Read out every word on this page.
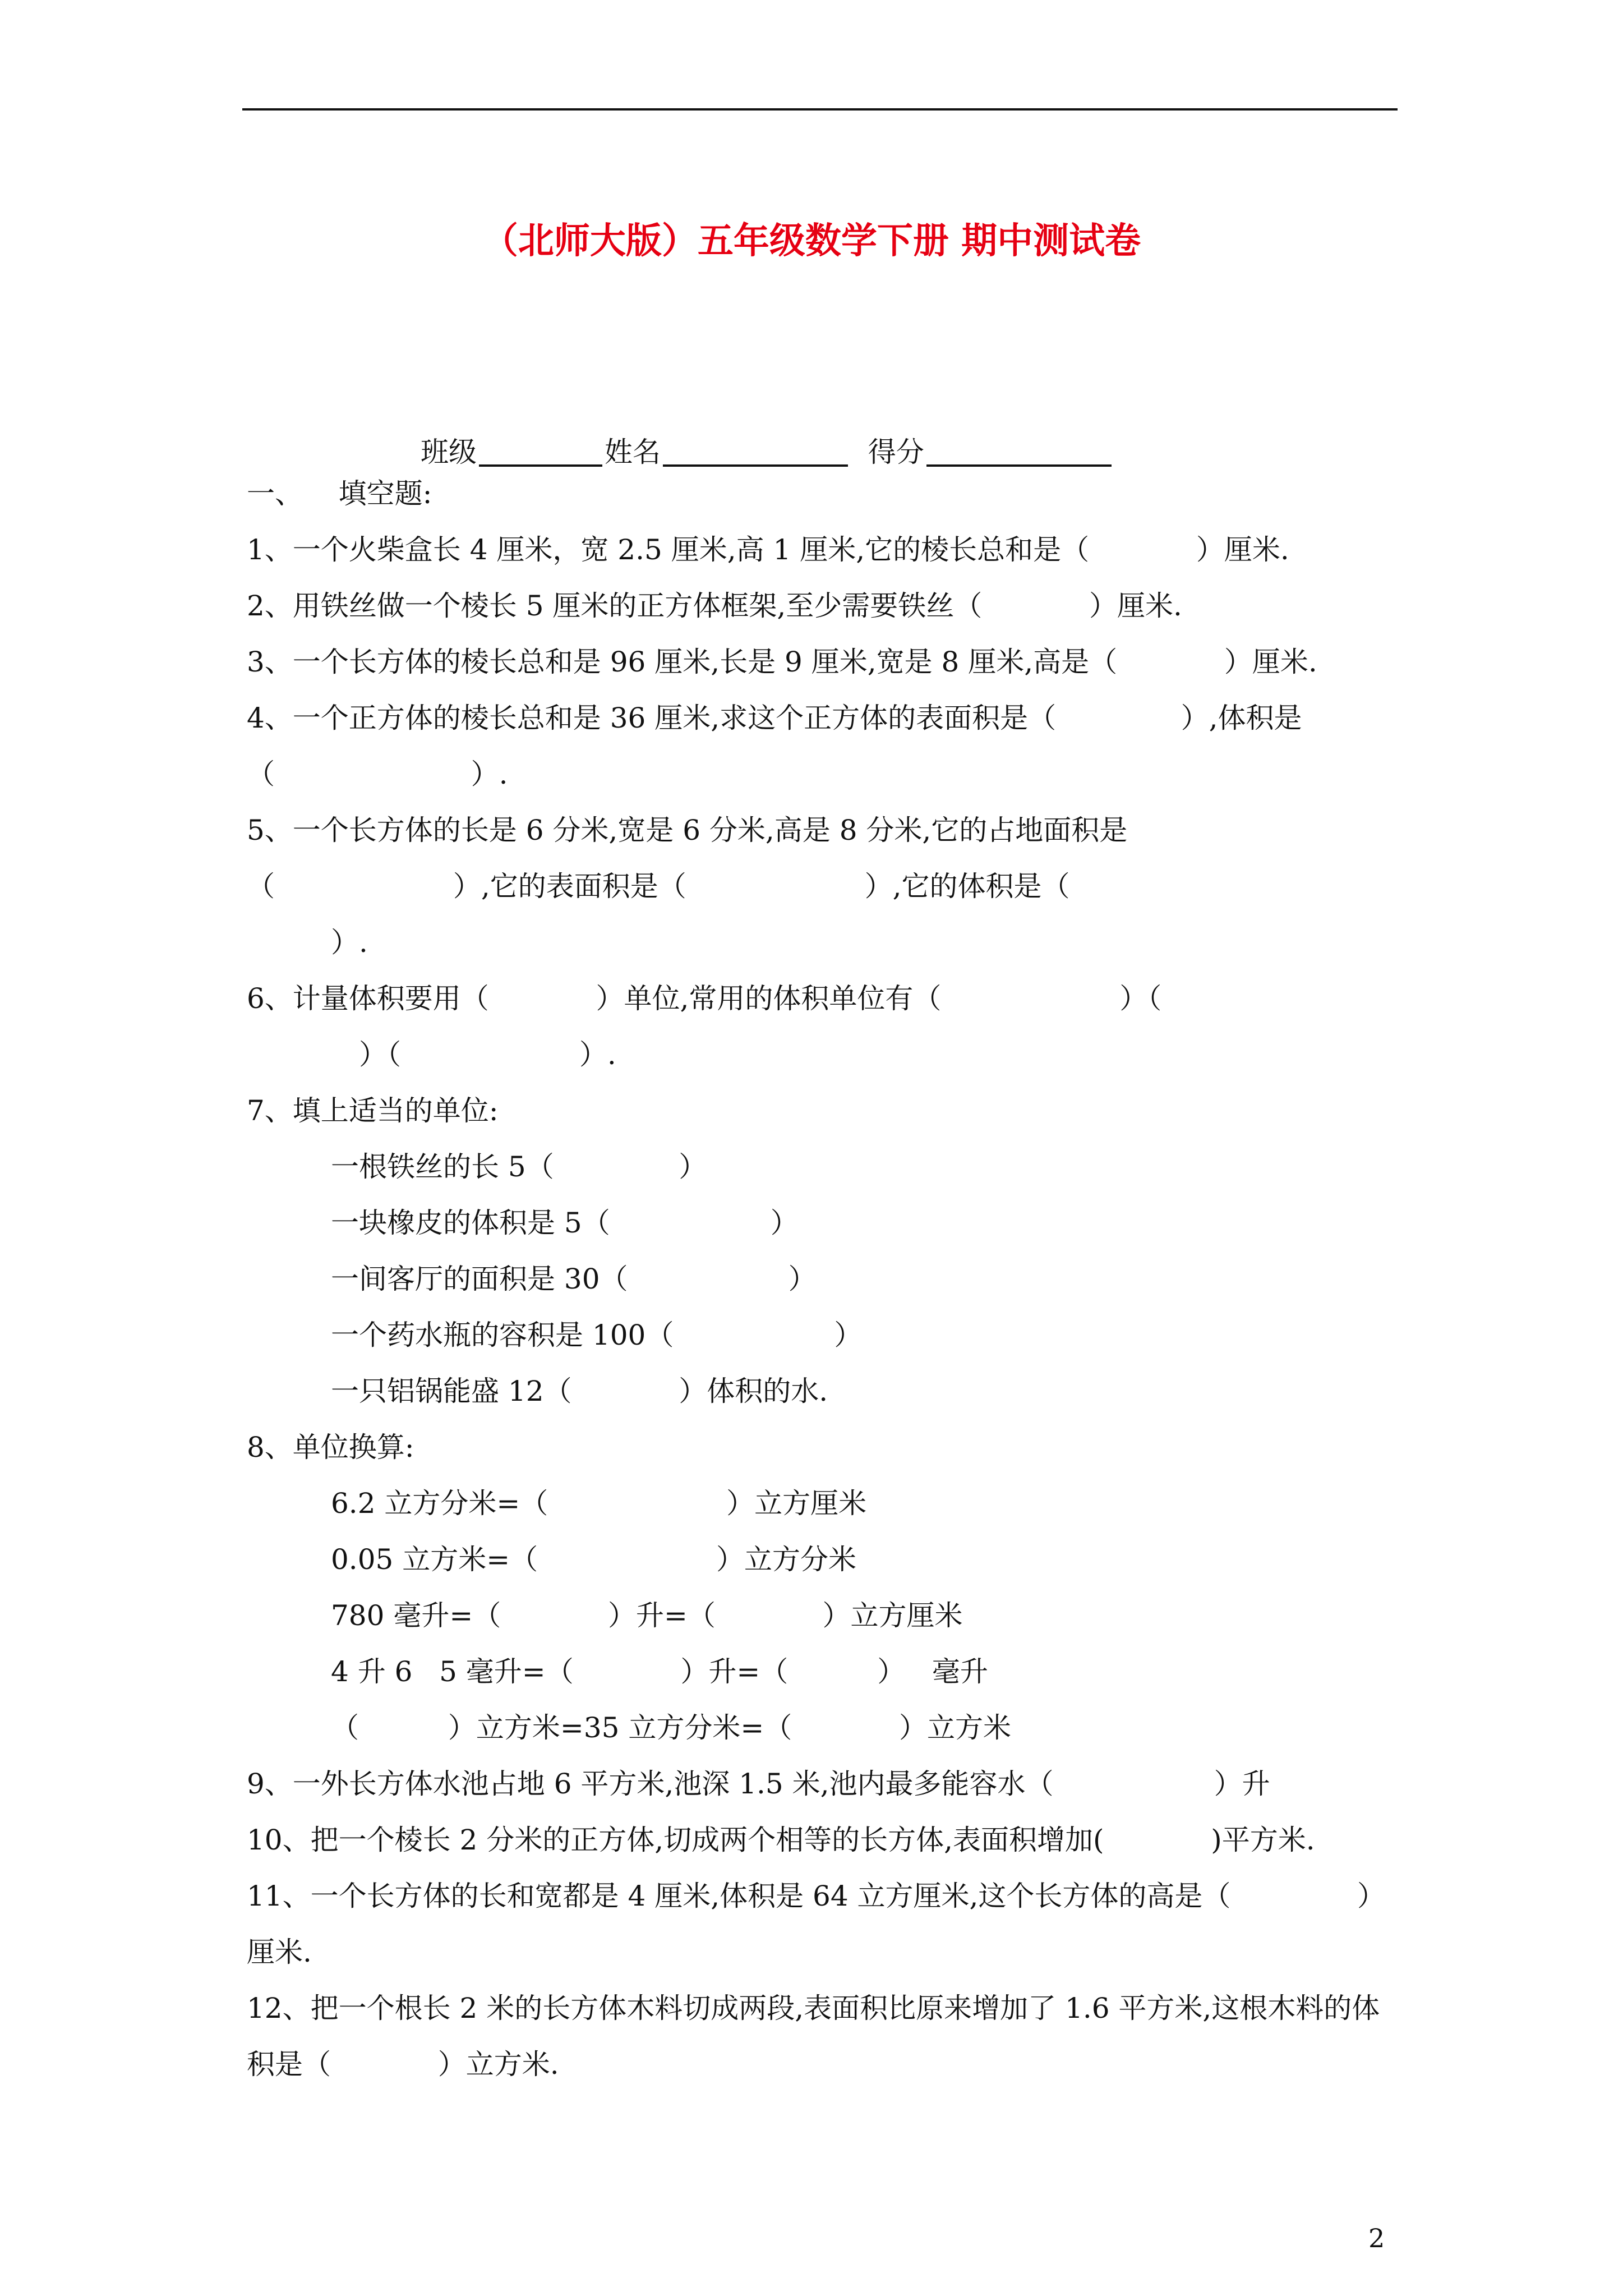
（北师大版）五年级数学下册 期中测试卷
班级	姓名	得分
一、    填空题:
1、一个火柴盒长 4 厘米，宽 2.5 厘米,高 1 厘米,它的棱长总和是（            ）厘米.
2、用铁丝做一个棱长 5 厘米的正方体框架,至少需要铁丝（            ）厘米.
3、一个长方体的棱长总和是 96 厘米,长是 9 厘米,宽是 8 厘米,高是（            ）厘米.
4、一个正方体的棱长总和是 36 厘米,求这个正方体的表面积是（              ）,体积是
（                      ）.
5、一个长方体的长是 6 分米,宽是 6 分米,高是 8 分米,它的占地面积是
（                    ）,它的表面积是（                    ）,它的体积是（
）.
6、计量体积要用（            ）单位,常用的体积单位有（                    ）（
）（                    ）.
7、填上适当的单位:
一根铁丝的长 5（              ）
一块橡皮的体积是 5（                  ）
一间客厅的面积是 30（                  ）
一个药水瓶的容积是 100（                  ）
一只铝锅能盛 12（            ）体积的水.
8、单位换算:
6.2 立方分米=（                    ）立方厘米
0.05 立方米=（                    ）立方分米
780 毫升=（            ）升=（            ）立方厘米
4 升 6   5 毫升=（            ）升=（          ）   毫升
（          ）立方米=35 立方分米=（            ）立方米
9、一外长方体水池占地 6 平方米,池深 1.5 米,池内最多能容水（                  ）升
10、把一个棱长 2 分米的正方体,切成两个相等的长方体,表面积增加(            )平方米.
11、一个长方体的长和宽都是 4 厘米,体积是 64 立方厘米,这个长方体的高是（	）
厘米.
12、把一个根长 2 米的长方体木料切成两段,表面积比原来增加了 1.6 平方米,这根木料的体
积是（            ）立方米.
2
